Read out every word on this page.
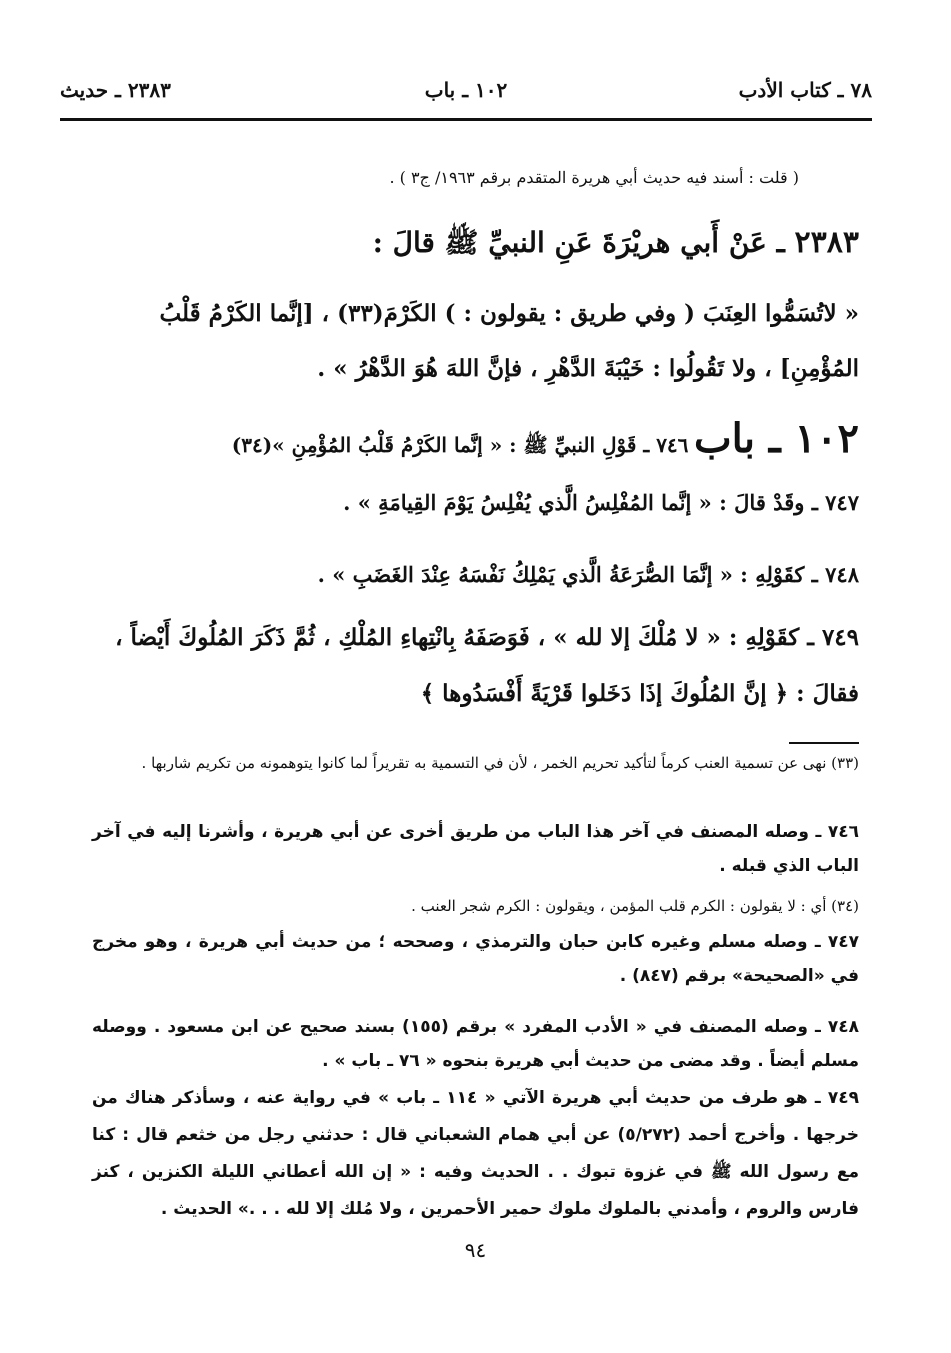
٧٨ ـ كتاب الأدب
١٠٢ ـ باب
٢٣٨٣ ـ حديث
( قلت : أسند فيه حديث أبي هريرة المتقدم برقم ١٩٦٣/ ج٣ ) .
٢٣٨٣ ـ عَنْ أَبي هريْرَةَ عَنِ النبيِّ ﷺ قالَ :
« لاتُسَمُّوا العِنَبَ ( وفي طريق : يقولون : ) الكَرْمَ(٣٣) ، [إنَّما الكَرْمُ قَلْبُ
المُؤْمِنِ] ، ولا تَقُولُوا : خَيْبَةَ الدَّهْرِ ، فإنَّ اللهَ هُوَ الدَّهْرُ » .
١٠٢ ـ باب ٧٤٦ ـ قَوْلِ النبيِّ ﷺ : « إنَّما الكَرْمُ قَلْبُ المُؤْمِنِ »(٣٤)
٧٤٧ ـ وقَدْ قالَ : « إنَّما المُفْلِسُ الَّذي يُفْلِسُ يَوْمَ القِيامَةِ » .
٧٤٨ ـ كقَوْلِهِ : « إنَّمَا الصُّرَعَةُ الَّذي يَمْلِكُ نَفْسَهُ عِنْدَ الغَضَبِ » .
٧٤٩ ـ كقَوْلِهِ : « لا مُلْكَ إلا لله » ، فَوَصَفَهُ بِانْتِهاءِ المُلْكِ ، ثُمَّ ذَكَرَ المُلُوكَ أَيْضاً ،
فقالَ : ﴿ إنَّ المُلُوكَ إذَا دَخَلوا قَرْيَةً أَفْسَدُوها ﴾
(٣٣) نهى عن تسمية العنب كرماً لتأكيد تحريم الخمر ، لأن في التسمية به تقريراً لما كانوا يتوهمونه من تكريم شاربها .
٧٤٦ ـ وصله المصنف في آخر هذا الباب من طريق أخرى عن أبي هريرة ، وأشرنا إليه في آخر الباب الذي قبله .
(٣٤) أي : لا يقولون : الكرم قلب المؤمن ، ويقولون : الكرم شجر العنب .
٧٤٧ ـ وصله مسلم وغيره كابن حبان والترمذي ، وصححه ؛ من حديث أبي هريرة ، وهو مخرج في «الصحيحة» برقم (٨٤٧) .
٧٤٨ ـ وصله المصنف في « الأدب المفرد » برقم (١٥٥) بسند صحيح عن ابن مسعود . ووصله مسلم أيضاً . وقد مضى من حديث أبي هريرة بنحوه « ٧٦ ـ باب » .
٧٤٩ ـ هو طرف من حديث أبي هريرة الآتي « ١١٤ ـ باب » في رواية عنه ، وسأذكر هناك من خرجها . وأخرج أحمد (٥/٢٧٢) عن أبي همام الشعباني قال : حدثني رجل من خثعم قال : كنا مع رسول الله ﷺ في غزوة تبوك . . الحديث وفيه : « إن الله أعطاني الليلة الكنزين ، كنز فارس والروم ، وأمدني بالملوك ملوك حمير الأحمرين ، ولا مُلك إلا لله . . .» الحديث .
٩٤
